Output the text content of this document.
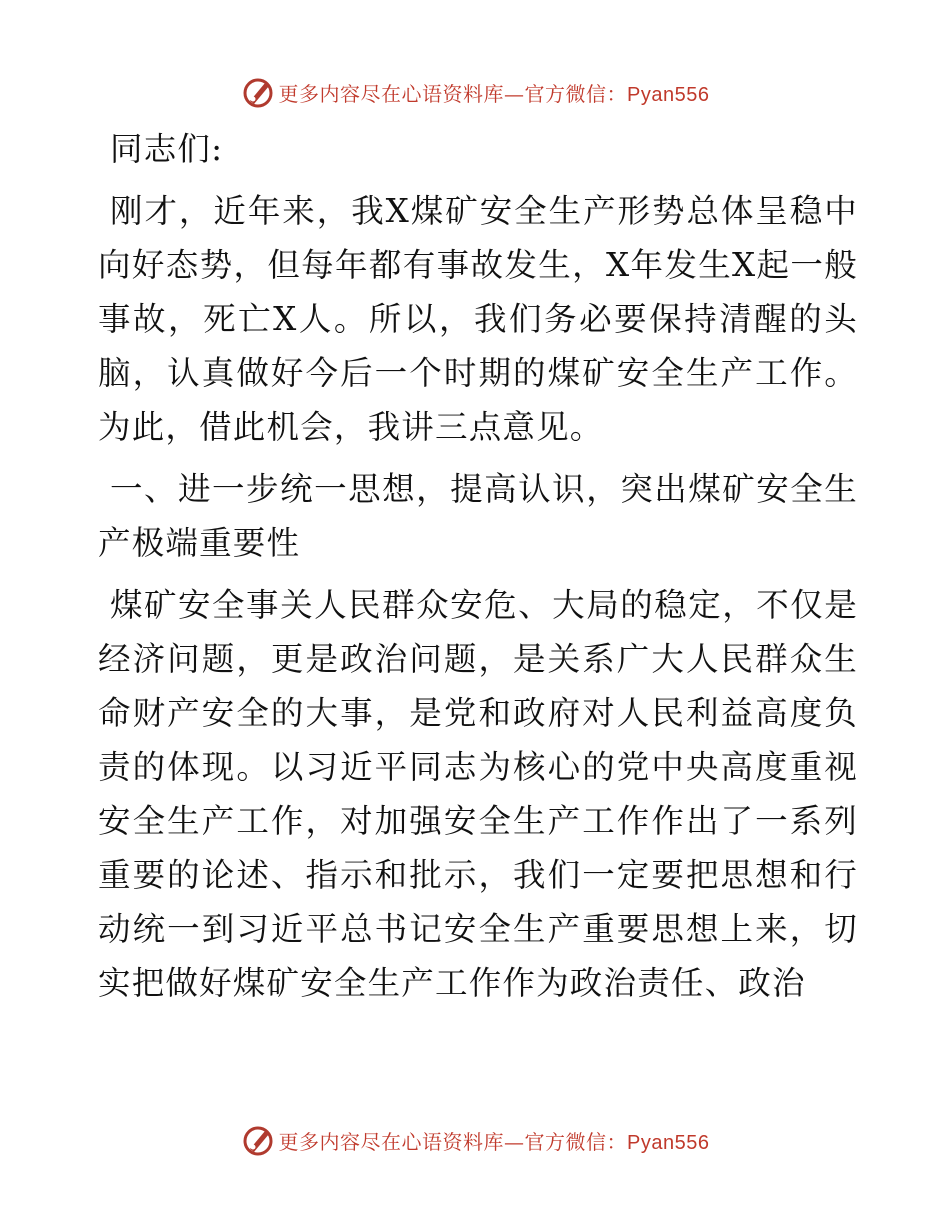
更多内容尽在心语资料库—官方微信：Pyan556

同志们:

刚才，近年来，我X煤矿安全生产形势总体呈稳中向好态势，但每年都有事故发生，X年发生X起一般事故，死亡X人。所以，我们务必要保持清醒的头脑，认真做好今后一个时期的煤矿安全生产工作。为此，借此机会，我讲三点意见。

一、进一步统一思想，提高认识，突出煤矿安全生产极端重要性

煤矿安全事关人民群众安危、大局的稳定，不仅是经济问题，更是政治问题，是关系广大人民群众生命财产安全的大事，是党和政府对人民利益高度负责的体现。以习近平同志为核心的党中央高度重视安全生产工作，对加强安全生产工作作出了一系列重要的论述、指示和批示，我们一定要把思想和行动统一到习近平总书记安全生产重要思想上来，切实把做好煤矿安全生产工作作为政治责任、政治

更多内容尽在心语资料库—官方微信：Pyan556
